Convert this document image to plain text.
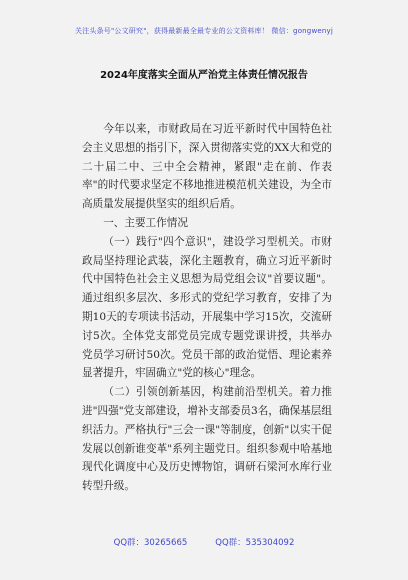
关注头条号"公文研究"，获得最新最全最专业的公文资料库！ 微信：gongwenyj
2024年度落实全面从严治党主体责任情况报告

今年以来，市财政局在习近平新时代中国特色社会主义思想的指引下，深入贯彻落实党的XX大和党的二十届二中、三中全会精神，紧跟"走在前、作表率"的时代要求坚定不移地推进模范机关建设，为全市高质量发展提供坚实的组织后盾。

一、主要工作情况

（一）践行"四个意识"，建设学习型机关。市财政局坚持理论武装，深化主题教育，确立习近平新时代中国特色社会主义思想为局党组会议"首要议题"。通过组织多层次、多形式的党纪学习教育，安排了为期10天的专项读书活动，开展集中学习15次，交流研讨5次。全体党支部党员完成专题党课讲授，共举办党员学习研讨50次。党员干部的政治觉悟、理论素养显著提升，牢固确立"党的核心"理念。

（二）引领创新基因，构建前沿型机关。着力推进"四强"党支部建设，增补支部委员3名，确保基层组织活力。严格执行"三会一课"等制度，创新"以实干促发展以创新谁变革"系列主题党日。组织参观中哈基地现代化调度中心及历史博物馆，调研石梁河水库行业转型升级。

QQ群：30265665	QQ群：535304092
